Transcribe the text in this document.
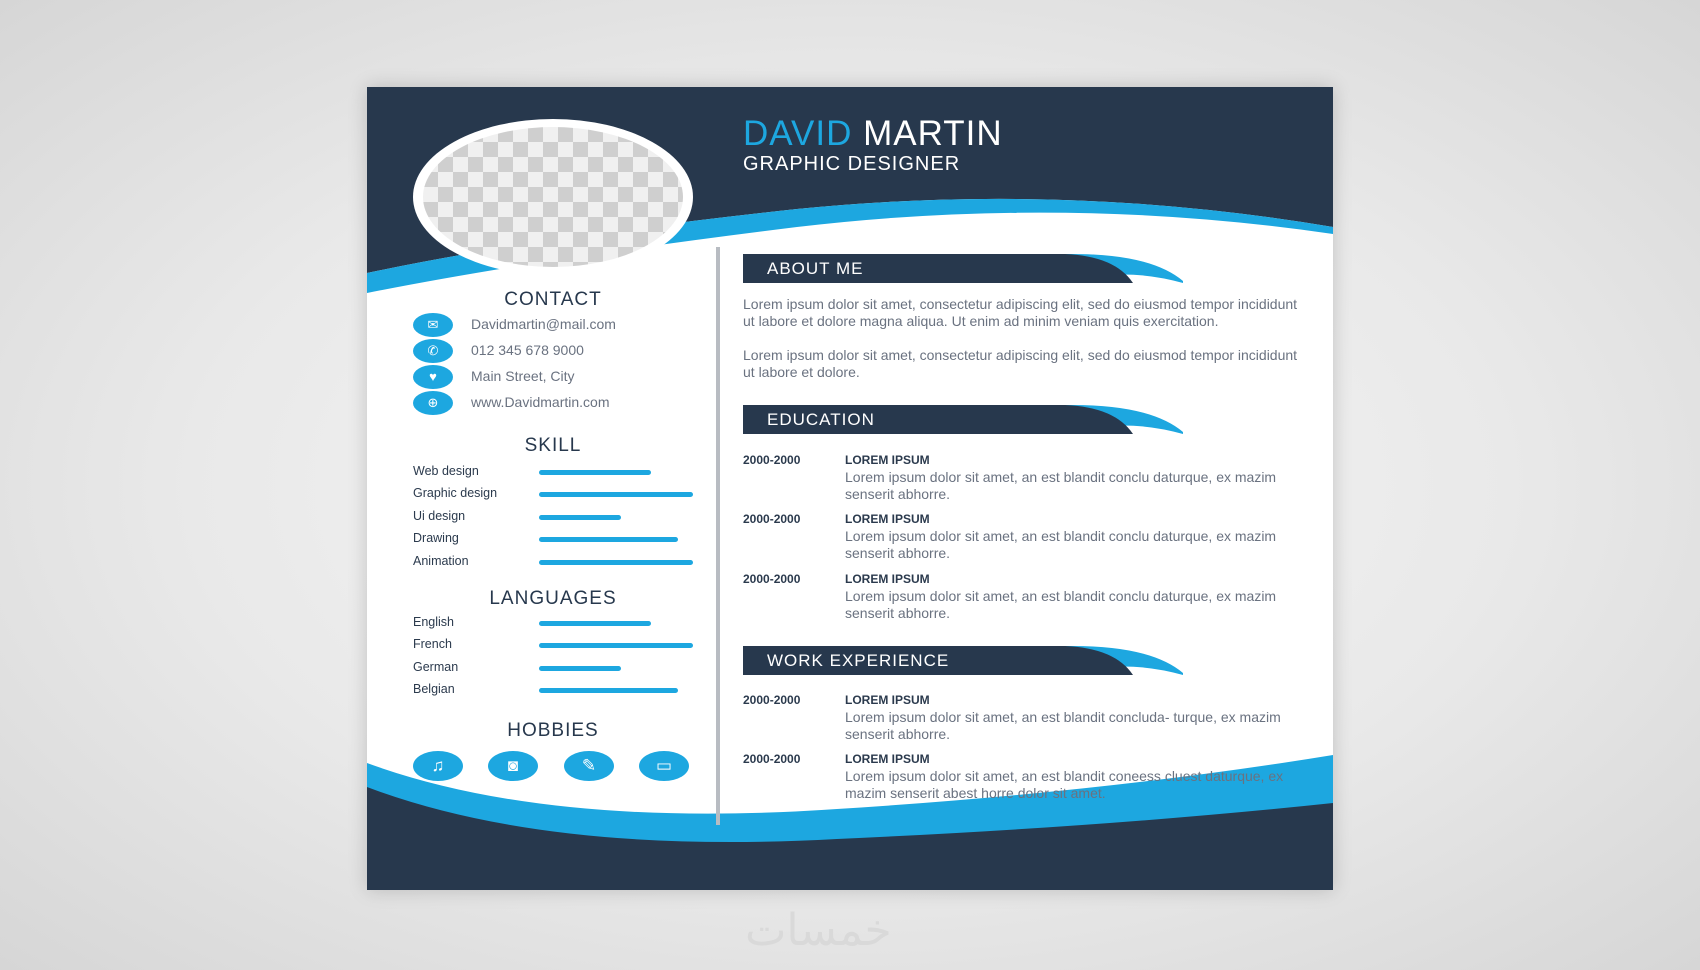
DAVID MARTIN
GRAPHIC DESIGNER
CONTACT
✉	Davidmartin@mail.com
✆	012 345 678 9000
♥	Main Street, City
⊕	www.Davidmartin.com
SKILL
Web design
Graphic design
Ui design
Drawing
Animation
LANGUAGES
English
French
German
Belgian
HOBBIES
♫	◙	✎	▭
ABOUT ME
Lorem ipsum dolor sit amet, consectetur adipiscing elit, sed do eiusmod tempor incididunt ut labore et dolore magna aliqua. Ut enim ad minim veniam quis exercitation.
Lorem ipsum dolor sit amet, consectetur adipiscing elit, sed do eiusmod tempor incididunt ut labore et dolore.
EDUCATION
2000-2000	LOREM IPSUM
Lorem ipsum dolor sit amet, an est blandit conclu daturque, ex mazim senserit abhorre.
2000-2000	LOREM IPSUM
Lorem ipsum dolor sit amet, an est blandit conclu daturque, ex mazim senserit abhorre.
2000-2000	LOREM IPSUM
Lorem ipsum dolor sit amet, an est blandit conclu daturque, ex mazim senserit abhorre.
WORK EXPERIENCE
2000-2000	LOREM IPSUM
Lorem ipsum dolor sit amet, an est blandit concluda- turque, ex mazim senserit abhorre.
2000-2000	LOREM IPSUM
Lorem ipsum dolor sit amet, an est blandit coneess cluest daturque, ex mazim senserit abest horre dolor sit amet.
خمسات
